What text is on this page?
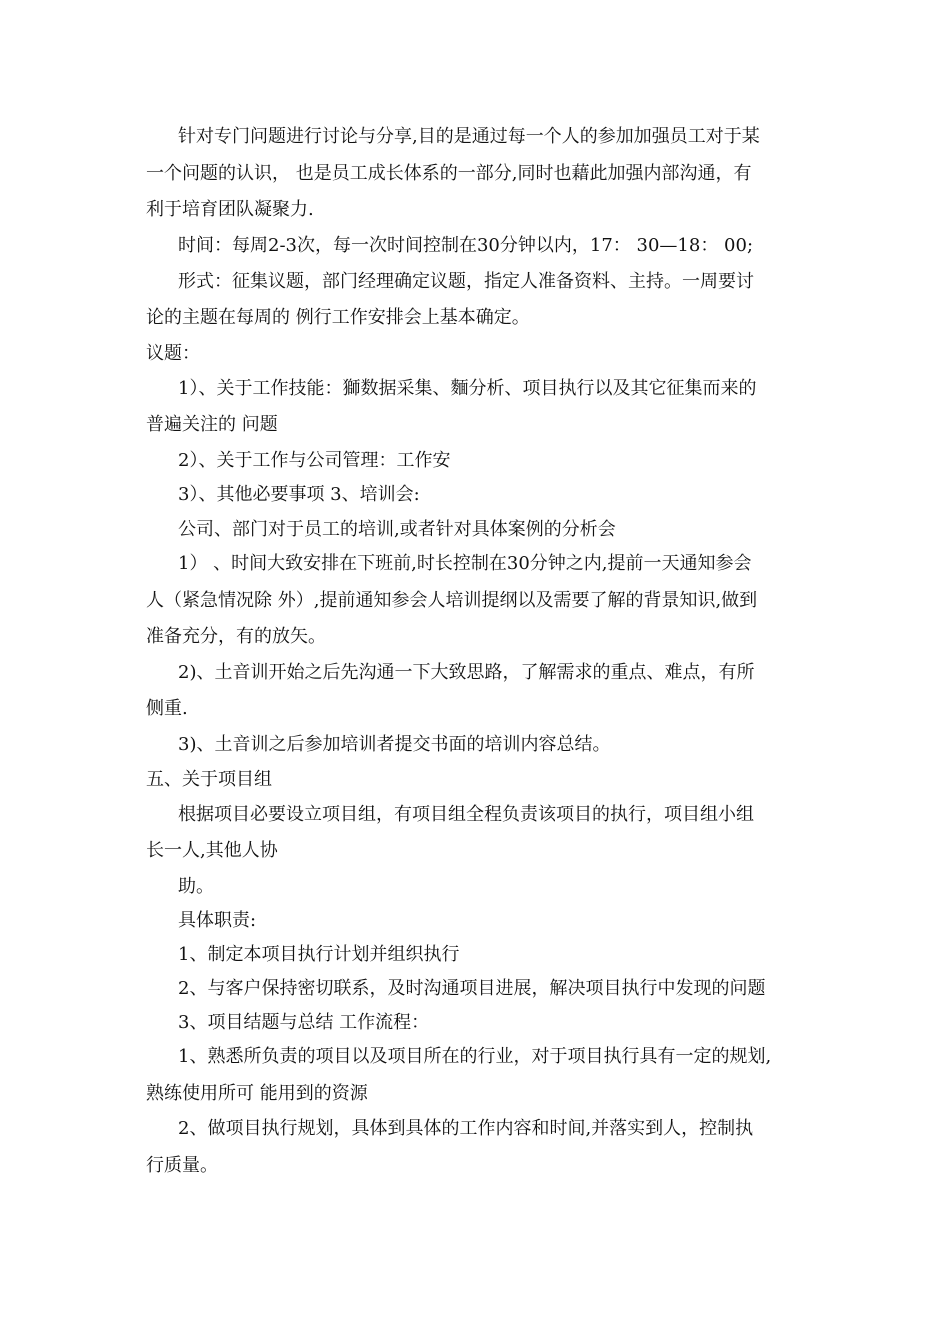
针对专门问题进行讨论与分享,目的是通过每一个人的参加加强员工对于某
一个问题的认识， 也是员工成长体系的一部分,同时也藉此加强内部沟通，有
利于培育团队凝聚力.
时间：每周2-3次，每一次时间控制在30分钟以内，17： 30—18： 00;
形式：征集议题，部门经理确定议题，指定人准备资料、主持。一周要讨
论的主题在每周的 例行工作安排会上基本确定。
议题：
1）、关于工作技能：獅数据采集、麵分析、项目执行以及其它征集而来的
普遍关注的 问题
2）、关于工作与公司管理：工作安
3）、其他必要事项 3、培训会:
公司、部门对于员工的培训,或者针对具体案例的分析会
1） 、时间大致安排在下班前,时长控制在30分钟之内,提前一天通知参会
人（紧急情况除 外）,提前通知参会人培训提纲以及需要了解的背景知识,做到
准备充分，有的放矢。
2)、土音训开始之后先沟通一下大致思路，了解需求的重点、难点，有所
侧重.
3)、土音训之后参加培训者提交书面的培训内容总结。
五、关于项目组
根据项目必要设立项目组，有项目组全程负责该项目的执行，项目组小组
长一人,其他人协
助。
具体职责:
1、制定本项目执行计划并组织执行
2、与客户保持密切联系，及时沟通项目进展，解决项目执行中发现的问题
3、项目结题与总结 工作流程：
1、熟悉所负责的项目以及项目所在的行业，对于项目执行具有一定的规划,
熟练使用所可 能用到的资源
2、做项目执行规划，具体到具体的工作内容和时间,并落实到人，控制执
行质量。
